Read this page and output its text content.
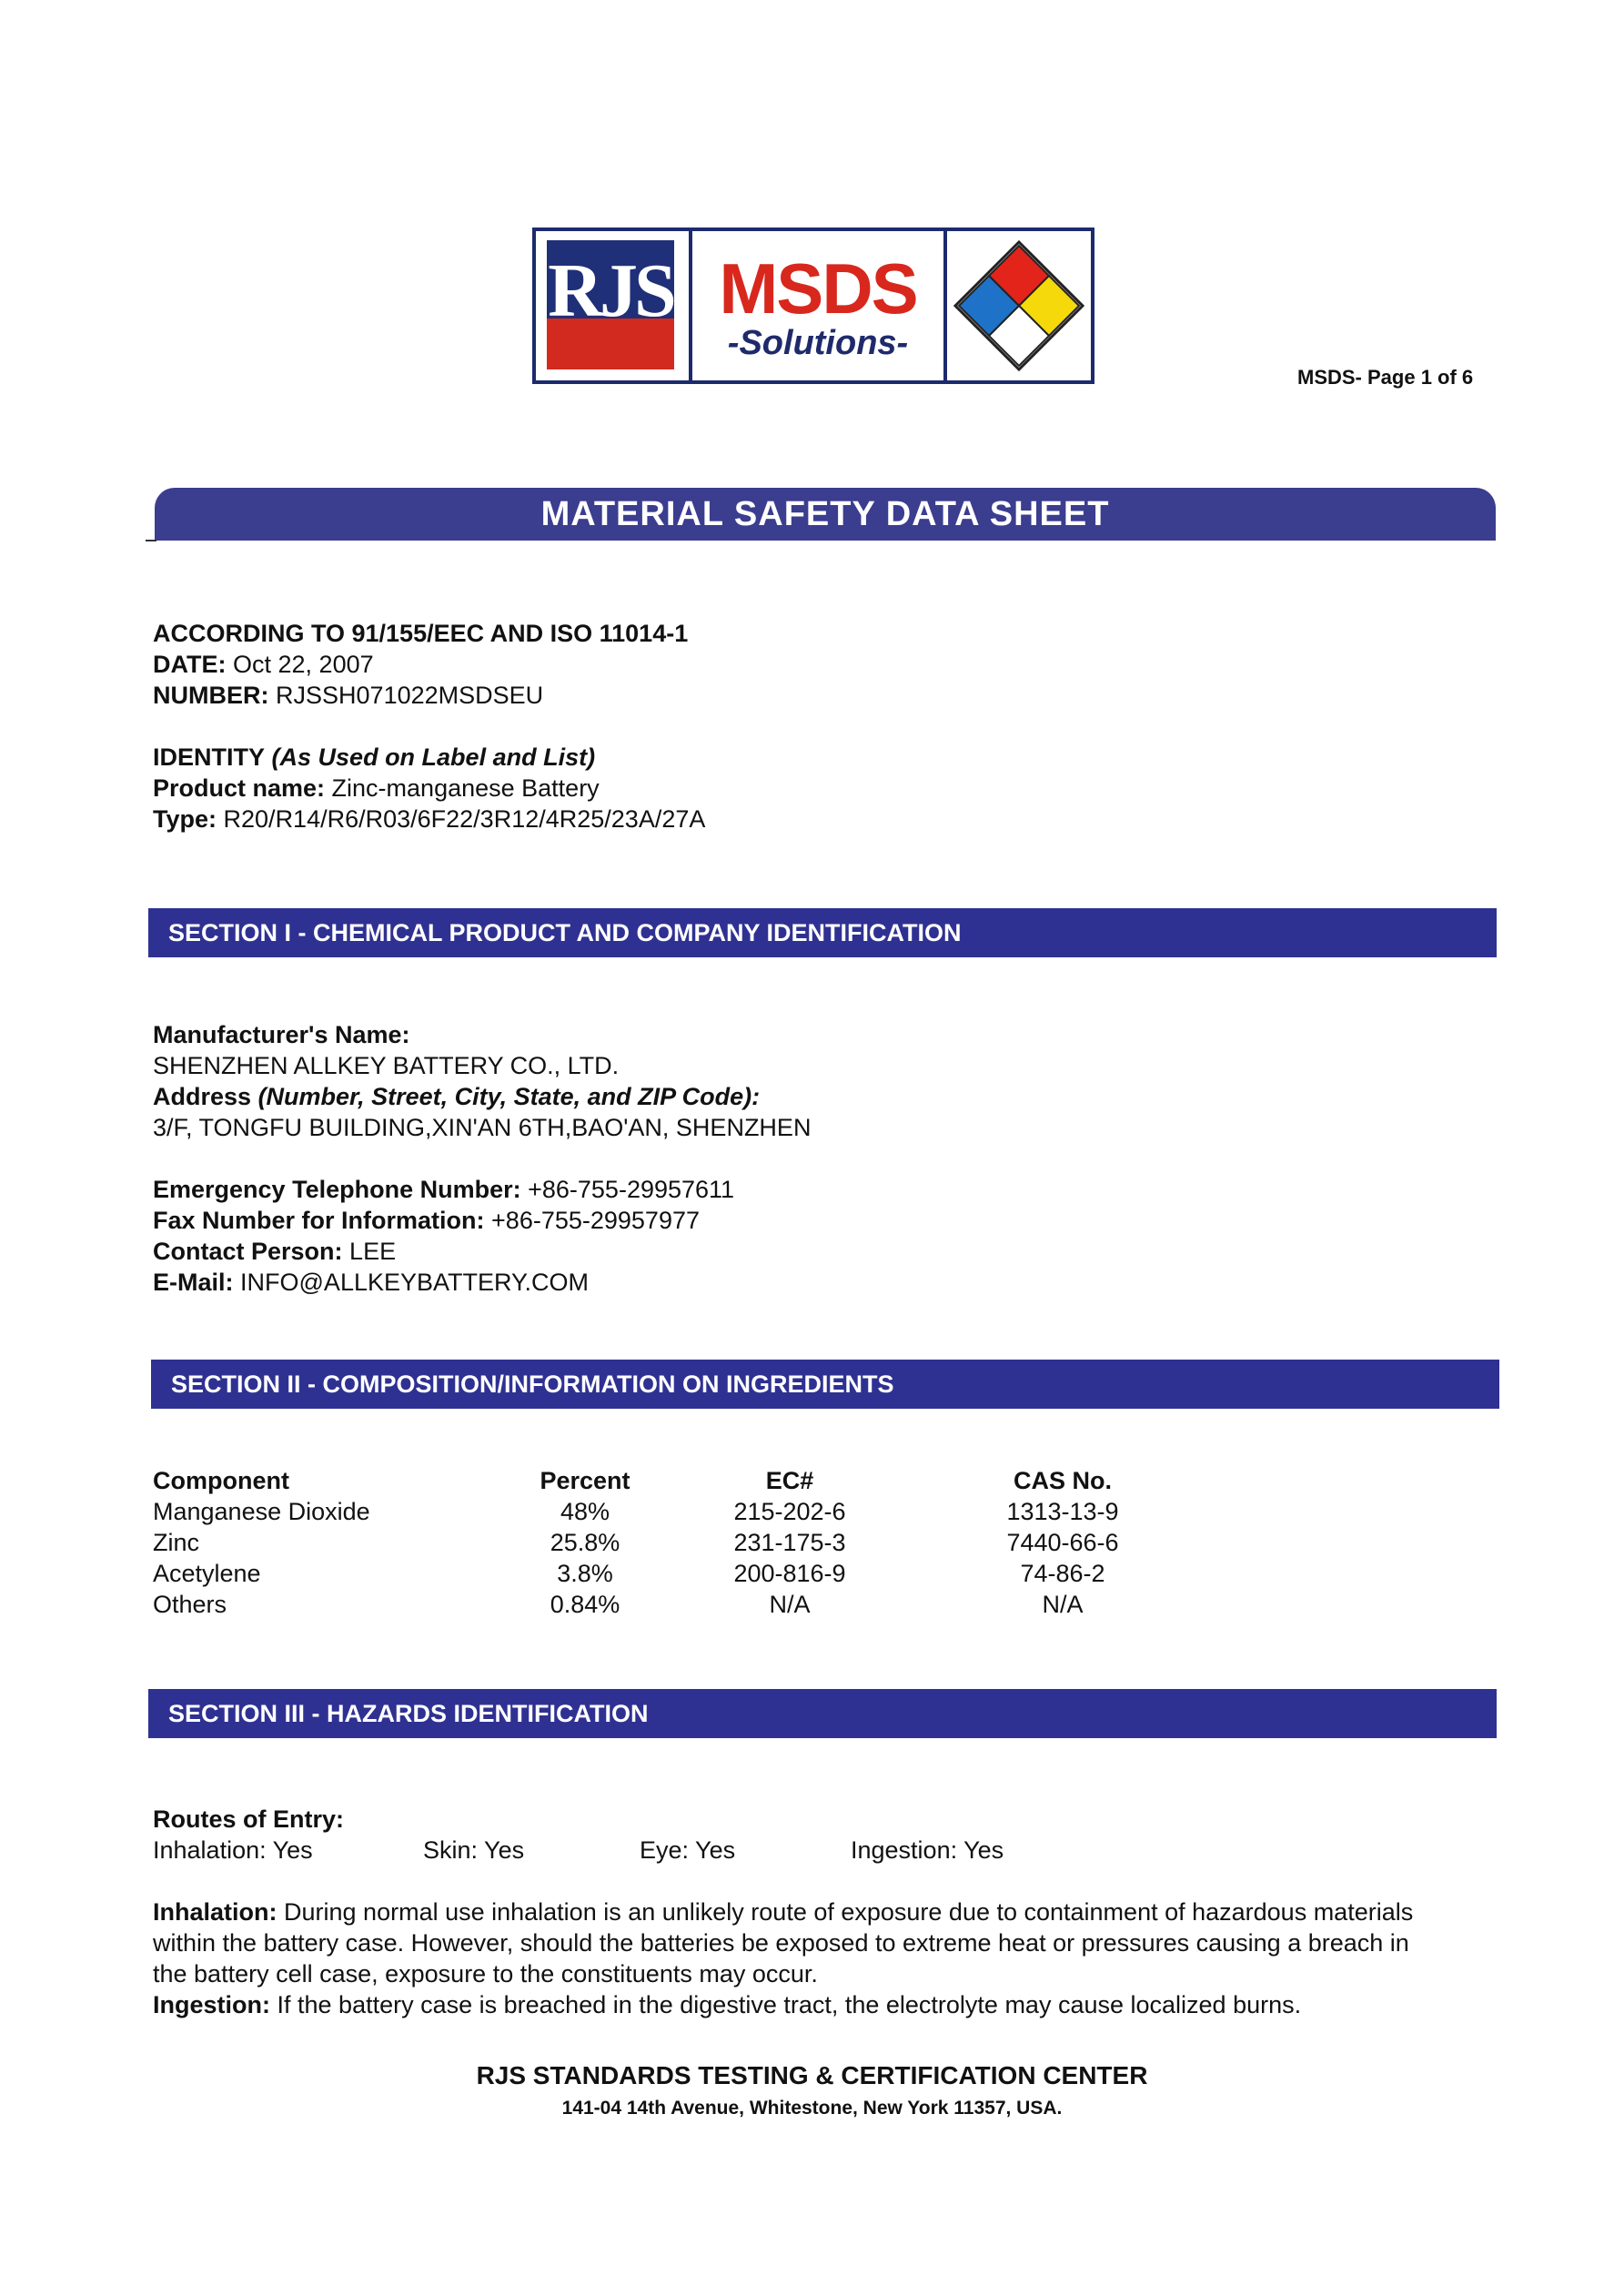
RJS MSDS
-Solutions-
MSDS- Page 1 of 6
MATERIAL SAFETY DATA SHEET
ACCORDING TO 91/155/EEC AND ISO 11014-1
DATE: Oct 22, 2007
NUMBER: RJSSH071022MSDSEU
IDENTITY (As Used on Label and List)
Product name: Zinc-manganese Battery
Type: R20/R14/R6/R03/6F22/3R12/4R25/23A/27A
SECTION I - CHEMICAL PRODUCT AND COMPANY IDENTIFICATION
Manufacturer's Name:
SHENZHEN ALLKEY BATTERY CO., LTD.
Address (Number, Street, City, State, and ZIP Code):
3/F, TONGFU BUILDING,XIN'AN 6TH,BAO'AN, SHENZHEN
Emergency Telephone Number: +86-755-29957611
Fax Number for Information: +86-755-29957977
Contact Person: LEE
E-Mail: INFO@ALLKEYBATTERY.COM
SECTION II - COMPOSITION/INFORMATION ON INGREDIENTS
Component	Percent	EC#	CAS No.
Manganese Dioxide	48%	215-202-6	1313-13-9
Zinc	25.8%	231-175-3	7440-66-6
Acetylene	3.8%	200-816-9	74-86-2
Others	0.84%	N/A	N/A
SECTION III - HAZARDS IDENTIFICATION
Routes of Entry:
Inhalation: Yes	Skin: Yes	Eye: Yes	Ingestion: Yes
Inhalation: During normal use inhalation is an unlikely route of exposure due to containment of hazardous materials within the battery case. However, should the batteries be exposed to extreme heat or pressures causing a breach in the battery cell case, exposure to the constituents may occur.
Ingestion: If the battery case is breached in the digestive tract, the electrolyte may cause localized burns.
RJS STANDARDS TESTING & CERTIFICATION CENTER
141-04 14th Avenue, Whitestone, New York 11357, USA.
